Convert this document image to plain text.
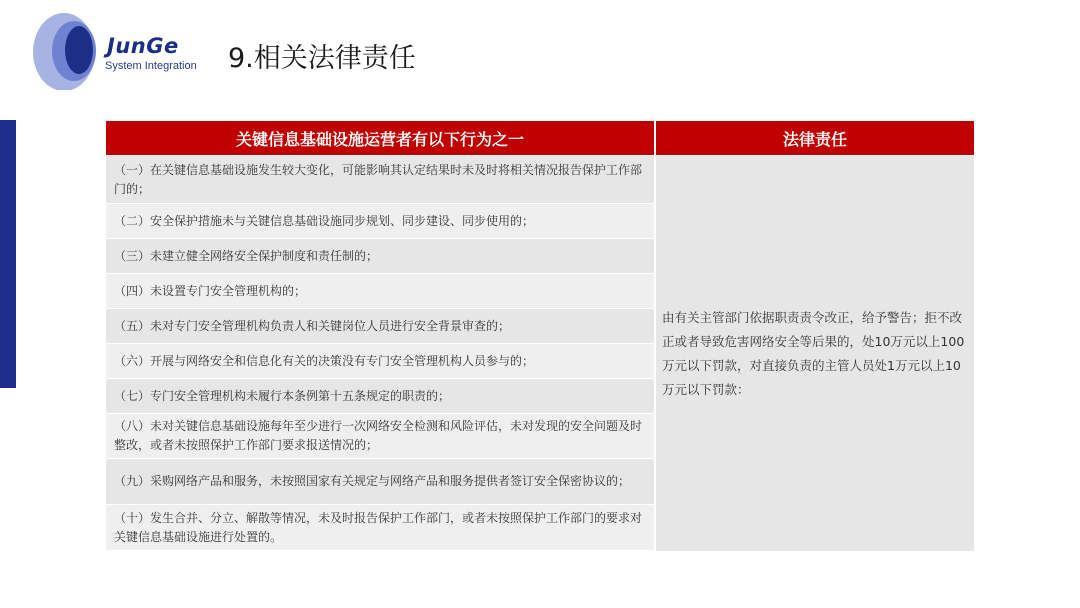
JunGe
System Integration 9.相关法律责任
关键信息基础设施运营者有以下行为之一	法律责任
（一）在关键信息基础设施发生较大变化，可能影响其认定结果时未及时将相关情况报告保护工作部门的；
（二）安全保护措施未与关键信息基础设施同步规划、同步建设、同步使用的；
（三）未建立健全网络安全保护制度和责任制的；
（四）未设置专门安全管理机构的；
（五）未对专门安全管理机构负责人和关键岗位人员进行安全背景审查的；
（六）开展与网络安全和信息化有关的决策没有专门安全管理机构人员参与的；
（七）专门安全管理机构未履行本条例第十五条规定的职责的；
（八）未对关键信息基础设施每年至少进行一次网络安全检测和风险评估，未对发现的安全问题及时整改，或者未按照保护工作部门要求报送情况的；
（九）采购网络产品和服务，未按照国家有关规定与网络产品和服务提供者签订安全保密协议的；
（十）发生合并、分立、解散等情况，未及时报告保护工作部门，或者未按照保护工作部门的要求对关键信息基础设施进行处置的。
由有关主管部门依据职责责令改正，给予警告；拒不改正或者导致危害网络安全等后果的，处10万元以上100万元以下罚款，对直接负责的主管人员处1万元以上10万元以下罚款：
